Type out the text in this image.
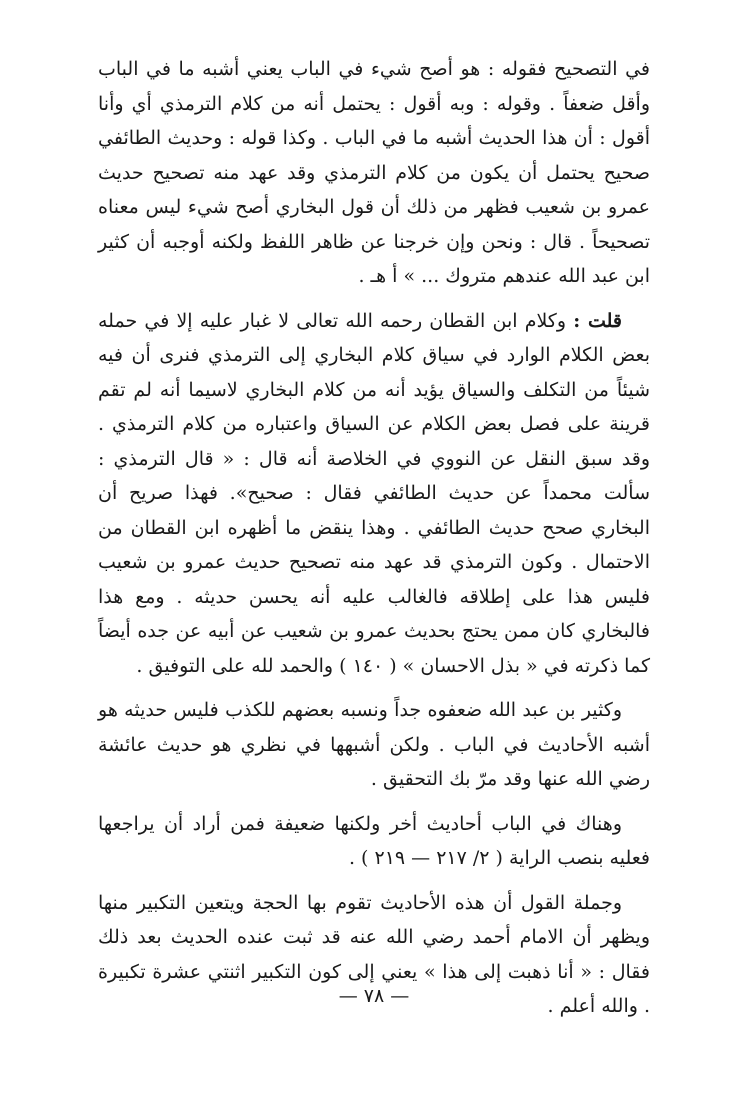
في التصحيح فقوله : هو أصح شيء في الباب يعني أشبه ما في الباب وأقل ضعفاً . وقوله : وبه أقول : يحتمل أنه من كلام الترمذي أي وأنا أقول : أن هذا الحديث أشبه ما في الباب . وكذا قوله : وحديث الطائفي صحيح يحتمل أن يكون من كلام الترمذي وقد عهد منه تصحيح حديث عمرو بن شعيب فظهر من ذلك أن قول البخاري أصح شيء ليس معناه تصحيحاً . قال : ونحن وإن خرجنا عن ظاهر اللفظ ولكنه أوجبه أن كثير ابن عبد الله عندهم متروك ... » أ هـ .

قلت : وكلام ابن القطان رحمه الله تعالى لا غبار عليه إلا في حمله بعض الكلام الوارد في سياق كلام البخاري إلى الترمذي فنرى أن فيه شيئاً من التكلف والسياق يؤيد أنه من كلام البخاري لاسيما أنه لم تقم قرينة على فصل بعض الكلام عن السياق واعتباره من كلام الترمذي . وقد سبق النقل عن النووي في الخلاصة أنه قال : « قال الترمذي : سألت محمداً عن حديث الطائفي فقال : صحيح». فهذا صريح أن البخاري صحح حديث الطائفي . وهذا ينقض ما أظهره ابن القطان من الاحتمال . وكون الترمذي قد عهد منه تصحيح حديث عمرو بن شعيب فليس هذا على إطلاقه فالغالب عليه أنه يحسن حديثه . ومع هذا فالبخاري كان ممن يحتج بحديث عمرو بن شعيب عن أبيه عن جده أيضاً كما ذكرته في « بذل الاحسان » ( ١٤٠ ) والحمد لله على التوفيق .

وكثير بن عبد الله ضعفوه جداً ونسبه بعضهم للكذب فليس حديثه هو أشبه الأحاديث في الباب . ولكن أشبهها في نظري هو حديث عائشة رضي الله عنها وقد مرّ بك التحقيق .

وهناك في الباب أحاديث أخر ولكنها ضعيفة فمن أراد أن يراجعها فعليه بنصب الراية ( ٢/ ٢١٧ — ٢١٩ ) .

وجملة القول أن هذه الأحاديث تقوم بها الحجة ويتعين التكبير منها ويظهر أن الامام أحمد رضي الله عنه قد ثبت عنده الحديث بعد ذلك فقال : « أنا ذهبت إلى هذا » يعني إلى كون التكبير اثنتي عشرة تكبيرة . والله أعلم .

— ٧٨ —
